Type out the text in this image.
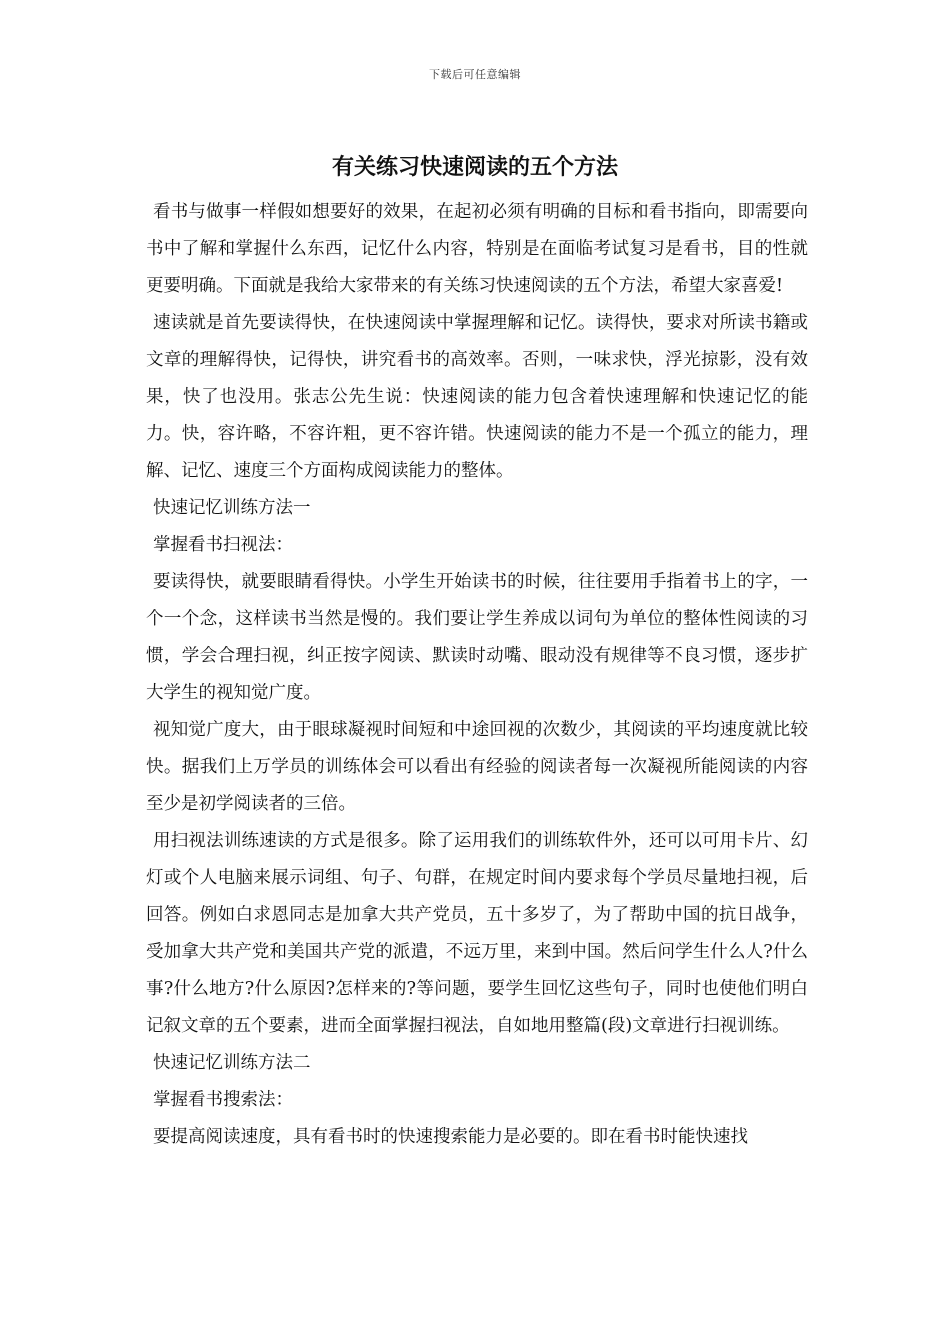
下载后可任意编辑
有关练习快速阅读的五个方法

看书与做事一样假如想要好的效果，在起初必须有明确的目标和看书指向，即需要向书中了解和掌握什么东西，记忆什么内容，特别是在面临考试复习是看书，目的性就更要明确。下面就是我给大家带来的有关练习快速阅读的五个方法，希望大家喜爱!

速读就是首先要读得快，在快速阅读中掌握理解和记忆。读得快，要求对所读书籍或文章的理解得快，记得快，讲究看书的高效率。否则，一味求快，浮光掠影，没有效果，快了也没用。张志公先生说：快速阅读的能力包含着快速理解和快速记忆的能力。快，容许略，不容许粗，更不容许错。快速阅读的能力不是一个孤立的能力，理解、记忆、速度三个方面构成阅读能力的整体。

快速记忆训练方法一

掌握看书扫视法：

要读得快，就要眼睛看得快。小学生开始读书的时候，往往要用手指着书上的字，一个一个念，这样读书当然是慢的。我们要让学生养成以词句为单位的整体性阅读的习惯，学会合理扫视，纠正按字阅读、默读时动嘴、眼动没有规律等不良习惯，逐步扩大学生的视知觉广度。

视知觉广度大，由于眼球凝视时间短和中途回视的次数少，其阅读的平均速度就比较快。据我们上万学员的训练体会可以看出有经验的阅读者每一次凝视所能阅读的内容至少是初学阅读者的三倍。

用扫视法训练速读的方式是很多。除了运用我们的训练软件外，还可以可用卡片、幻灯或个人电脑来展示词组、句子、句群，在规定时间内要求每个学员尽量地扫视，后回答。例如白求恩同志是加拿大共产党员，五十多岁了，为了帮助中国的抗日战争，受加拿大共产党和美国共产党的派遣，不远万里，来到中国。然后问学生什么人?什么事?什么地方?什么原因?怎样来的?等问题，要学生回忆这些句子，同时也使他们明白记叙文章的五个要素，进而全面掌握扫视法，自如地用整篇(段)文章进行扫视训练。

快速记忆训练方法二

掌握看书搜索法：

要提高阅读速度，具有看书时的快速搜索能力是必要的。即在看书时能快速找
